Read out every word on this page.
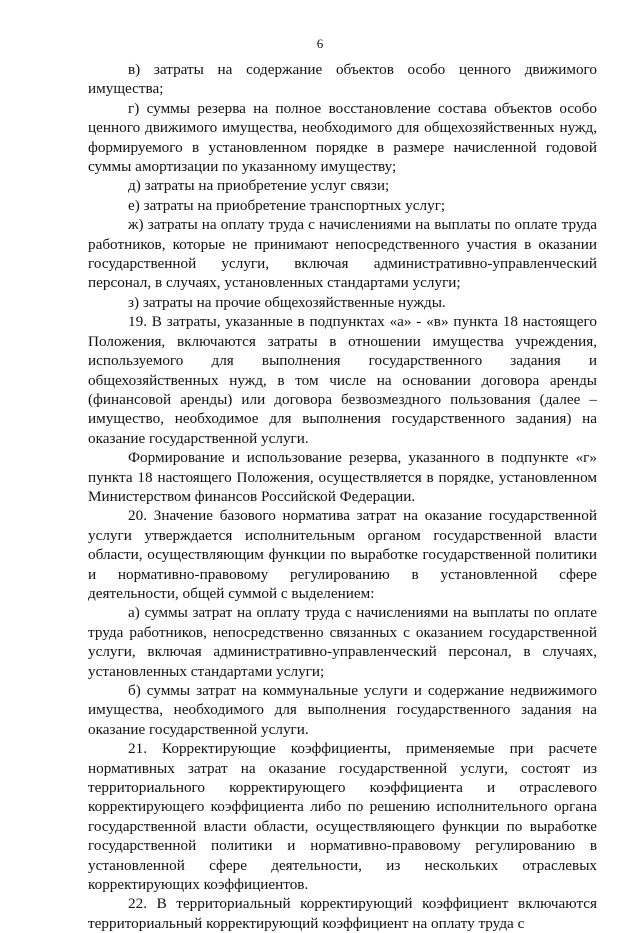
6

в) затраты на содержание объектов особо ценного движимого имущества;

г) суммы резерва на полное восстановление состава объектов особо ценного движимого имущества, необходимого для общехозяйственных нужд, формируемого в установленном порядке в размере начисленной годовой суммы амортизации по указанному имуществу;

д) затраты на приобретение услуг связи;

е) затраты на приобретение транспортных услуг;

ж) затраты на оплату труда с начислениями на выплаты по оплате труда работников, которые не принимают непосредственного участия в оказании государственной услуги, включая административно-управленческий персонал, в случаях, установленных стандартами услуги;

з) затраты на прочие общехозяйственные нужды.

19. В затраты, указанные в подпунктах «а» - «в» пункта 18 настоящего Положения, включаются затраты в отношении имущества учреждения, используемого для выполнения государственного задания и общехозяйственных нужд, в том числе на основании договора аренды (финансовой аренды) или договора безвозмездного пользования (далее – имущество, необходимое для выполнения государственного задания) на оказание государственной услуги.

Формирование и использование резерва, указанного в подпункте «г» пункта 18 настоящего Положения, осуществляется в порядке, установленном Министерством финансов Российской Федерации.

20. Значение базового норматива затрат на оказание государственной услуги утверждается исполнительным органом государственной власти области, осуществляющим функции по выработке государственной политики и нормативно-правовому регулированию в установленной сфере деятельности, общей суммой с выделением:

а) суммы затрат на оплату труда с начислениями на выплаты по оплате труда работников, непосредственно связанных с оказанием государственной услуги, включая административно-управленческий персонал, в случаях, установленных стандартами услуги;

б) суммы затрат на коммунальные услуги и содержание недвижимого имущества, необходимого для выполнения государственного задания на оказание государственной услуги.

21. Корректирующие коэффициенты, применяемые при расчете нормативных затрат на оказание государственной услуги, состоят из территориального корректирующего коэффициента и отраслевого корректирующего коэффициента либо по решению исполнительного органа государственной власти области, осуществляющего функции по выработке государственной политики и нормативно-правовому регулированию в установленной сфере деятельности, из нескольких отраслевых корректирующих коэффициентов.

22. В территориальный корректирующий коэффициент включаются территориальный корректирующий коэффициент на оплату труда с
